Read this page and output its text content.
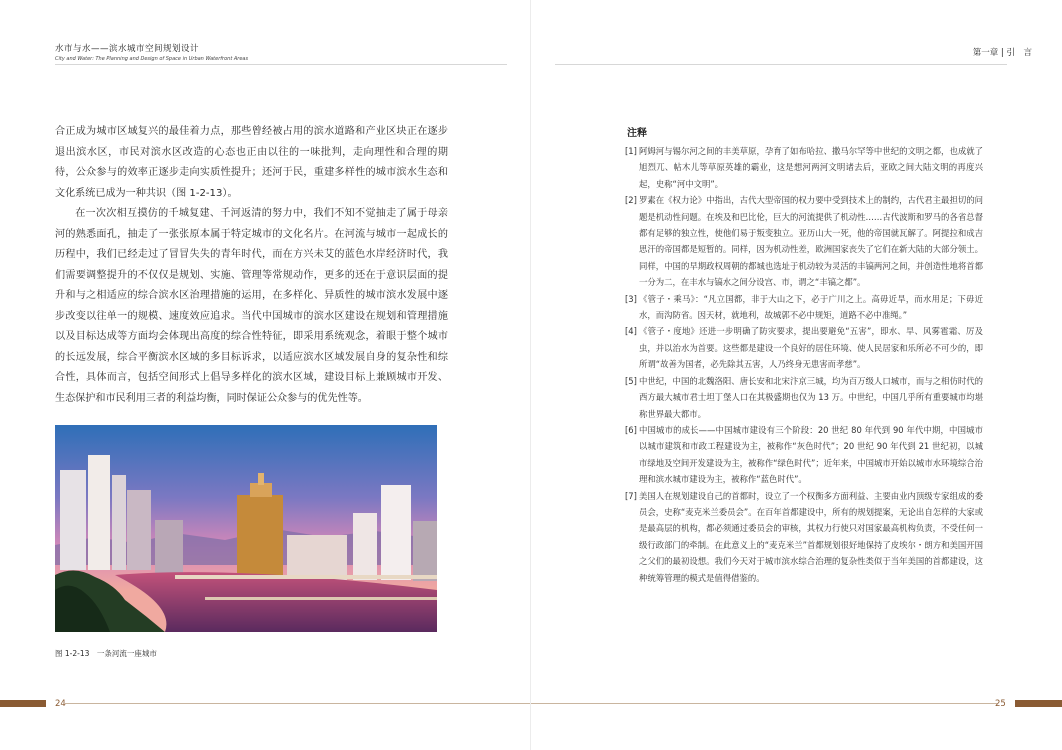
水市与水——滨水城市空间规划设计
City and Water: The Planning and Design of Space in Urban Waterfront Areas

合正成为城市区域复兴的最佳着力点，那些曾经被占用的滨水道路和产业区块正在逐步退出滨水区，市民对滨水区改造的心态也正由以往的一味批判，走向理性和合理的期待，公众参与的效率正逐步走向实质性提升；还河于民，重建多样性的城市滨水生态和文化系统已成为一种共识（图 1-2-13）。

在一次次相互摸仿的千城复建、千河返清的努力中，我们不知不觉抽走了属于母亲河的熟悉面孔，抽走了一张张原本属于特定城市的文化名片。在河流与城市一起成长的历程中，我们已经走过了冒冒失失的青年时代，而在方兴未艾的蓝色水岸经济时代，我们需要调整提升的不仅仅是规划、实施、管理等常规动作，更多的还在于意识层面的提升和与之相适应的综合滨水区治理措施的运用，在多样化、异质性的城市滨水发展中逐步改变以往单一的规模、速度效应追求。当代中国城市的滨水区建设在规划和管理措施以及目标达成等方面均会体现出高度的综合性特征，即采用系统观念，着眼于整个城市的长远发展，综合平衡滨水区域的多目标诉求，以适应滨水区域发展自身的复杂性和综合性，具体而言，包括空间形式上倡导多样化的滨水区域，建设目标上兼顾城市开发、生态保护和市民利用三者的利益均衡，同时保证公众参与的优先性等。

图 1-2-13　一条河流一座城市
24
第一章 | 引　言
注释
[1] 阿姆河与锡尔河之间的丰美草原，孕育了如布哈拉、撒马尔罕等中世纪的文明之都，也成就了旭烈兀、帖木儿等草原英雄的霸业，这是想河两河文明诸去后，亚欧之间大陆文明的再度兴起，史称“河中文明”。
[2] 罗素在《权力论》中指出，古代大型帝国的权力要中受到技术上的制约，古代君主最担切的问题是机动性问题。在埃及和巴比伦，巨大的河流提供了机动性……古代波斯和罗马的各省总督都有足够的独立性，使他们易于叛变独立。亚历山大一死，他的帝国就瓦解了。阿提拉和成吉思汗的帝国都是短暂的。同样，因为机动性差，欧洲国家丧失了它们在新大陆的大部分领土。同样，中国的早期政权周朝的都城也选址于机动较为灵活的丰镐两河之间，并创造性地将首都一分为二，在丰水与镐水之间分设宫、市，谓之“丰镐之都”。
[3] 《管子・乘马》：“凡立国都，非于大山之下，必于广川之上。高毋近旱，而水用足；下毋近水，而沟防省。因天材，就地利，故城郭不必中规矩，道路不必中准绳。”
[4] 《管子・度地》还进一步明确了防灾要求，提出要避免“五害”，即水、旱、风雾雹霜、厉及虫，并以治水为首要。这些都是建设一个良好的居住环境、使人民居家和乐所必不可少的，即所谓“故善为国者，必先除其五害，人乃终身无患害而孝慈”。
[5] 中世纪，中国的北魏洛阳、唐长安和北宋汴京三城，均为百万级人口城市，而与之相仿时代的西方最大城市君士坦丁堡人口在其极盛期也仅为 13 万。中世纪，中国几乎所有重要城市均堪称世界最大都市。
[6] 中国城市的成长——中国城市建设有三个阶段：20 世纪 80 年代到 90 年代中期，中国城市以城市建筑和市政工程建设为主，被称作“灰色时代”；20 世纪 90 年代到 21 世纪初，以城市绿地及空间开发建设为主，被称作“绿色时代”；近年来，中国城市开始以城市水环境综合治理和滨水城市建设为主，被称作“蓝色时代”。
[7] 美国人在规划建设自己的首都时，设立了一个权衡多方面利益、主要由业内顶级专家组成的委员会，史称“麦克米兰委员会”。在百年首都建设中，所有的规划提案，无论出自怎样的大家或是最高层的机构，都必须通过委员会的审核，其权力行使只对国家最高机构负责，不受任何一级行政部门的牵制。在此意义上的“麦克米兰”首都规划很好地保持了皮埃尔・朗方和美国开国之父们的最初设想。我们今天对于城市滨水综合治理的复杂性类似于当年美国的首都建设，这种统筹管理的模式是值得借鉴的。
25
